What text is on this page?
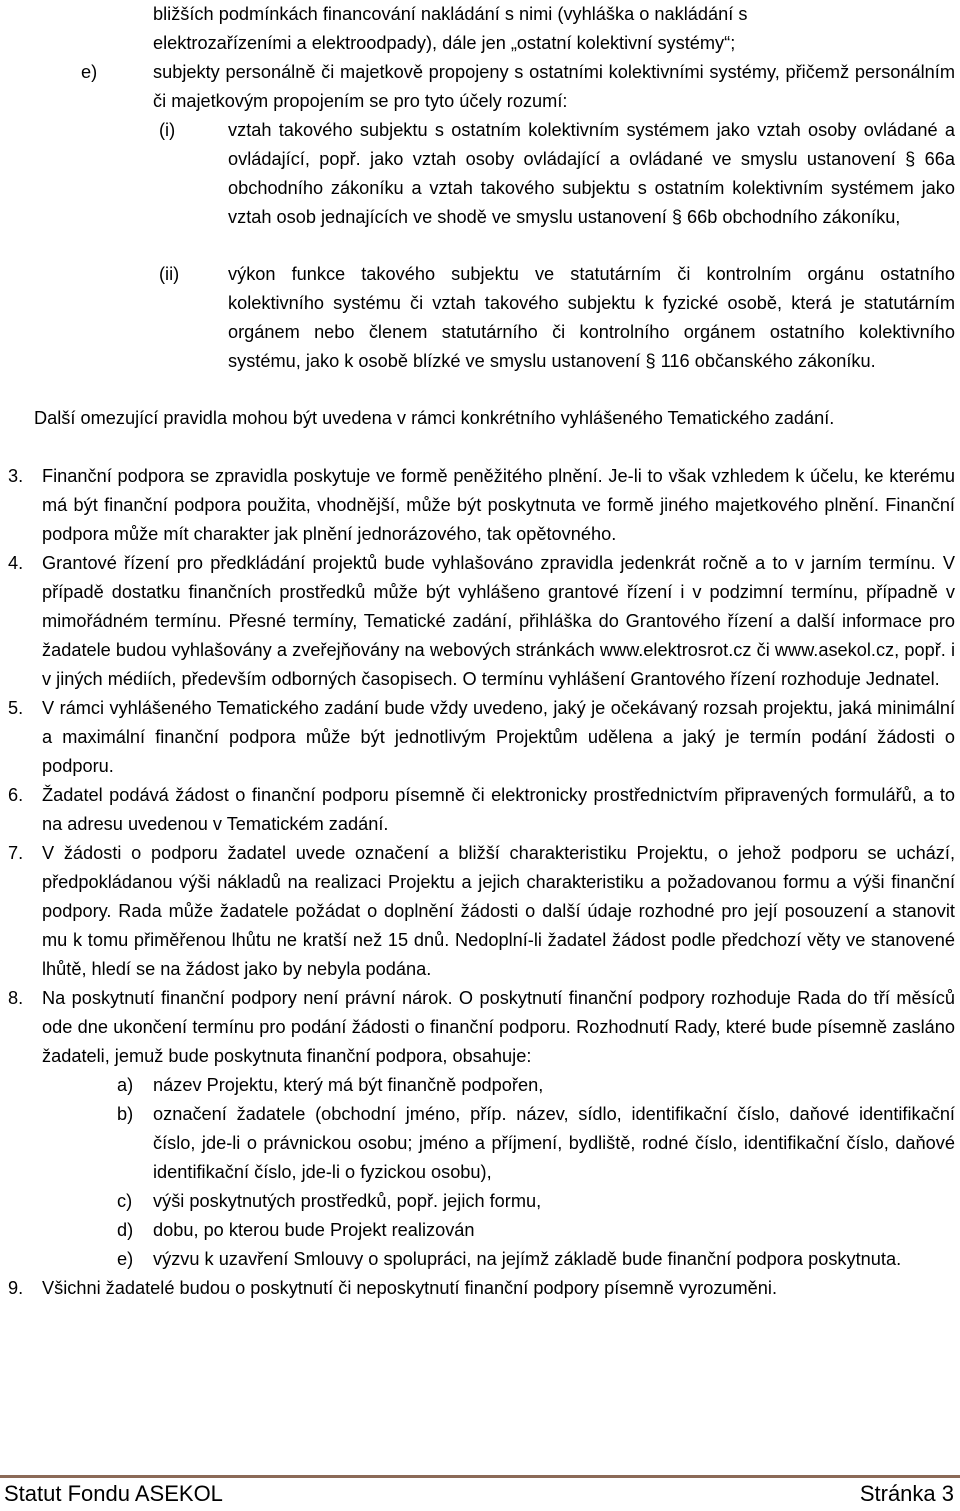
bližších podmínkách financování nakládání s nimi (vyhláška o nakládání s

elektrozařízeními a elektroodpady), dále jen „ostatní kolektivní systémy“;

e)	subjekty personálně či majetkově propojeny s ostatními kolektivními systémy, přičemž personálním či majetkovým propojením se pro tyto účely rozumí:

(i)	vztah takového subjektu s ostatním kolektivním systémem jako vztah osoby ovládané a ovládající, popř. jako vztah osoby ovládající a ovládané ve smyslu ustanovení § 66a obchodního zákoníku a vztah takového subjektu s ostatním kolektivním systémem jako vztah osob jednajících ve shodě ve smyslu ustanovení § 66b obchodního zákoníku,

(ii)	výkon funkce takového subjektu ve statutárním či kontrolním orgánu ostatního kolektivního systému či vztah takového subjektu k fyzické osobě, která je statutárním orgánem nebo členem statutárního či kontrolního orgánem ostatního kolektivního systému, jako k osobě blízké ve smyslu ustanovení § 116 občanského zákoníku.

Další omezující pravidla mohou být uvedena v rámci konkrétního vyhlášeného Tematického zadání.

3. Finanční podpora se zpravidla poskytuje ve formě peněžitého plnění. Je-li to však vzhledem k účelu, ke kterému má být finanční podpora použita, vhodnější, může být poskytnuta ve formě jiného majetkového plnění. Finanční podpora může mít charakter jak plnění jednorázového, tak opětovného.

4. Grantové řízení pro předkládání projektů bude vyhlašováno zpravidla jedenkrát ročně a to v jarním termínu. V případě dostatku finančních prostředků může být vyhlášeno grantové řízení i v podzimní termínu, případně v mimořádném termínu. Přesné termíny, Tematické zadání, přihláška do Grantového řízení a další informace pro žadatele budou vyhlašovány a zveřejňovány na webových stránkách www.elektrosrot.cz či www.asekol.cz, popř. i v jiných médiích, především odborných časopisech. O termínu vyhlášení Grantového řízení rozhoduje Jednatel.

5. V rámci vyhlášeného Tematického zadání bude vždy uvedeno, jaký je očekávaný rozsah projektu, jaká minimální a maximální finanční podpora může být jednotlivým Projektům udělena a jaký je termín podání žádosti o podporu.

6. Žadatel podává žádost o finanční podporu písemně či elektronicky prostřednictvím připravených formulářů, a to na adresu uvedenou v Tematickém zadání.

7. V žádosti o podporu žadatel uvede označení a bližší charakteristiku Projektu, o jehož podporu se uchází, předpokládanou výši nákladů na realizaci Projektu a jejich charakteristiku a požadovanou formu a výši finanční podpory. Rada může žadatele požádat o doplnění žádosti o další údaje rozhodné pro její posouzení a stanovit mu k tomu přiměřenou lhůtu ne kratší než 15 dnů. Nedoplní-li žadatel žádost podle předchozí věty ve stanovené lhůtě, hledí se na žádost jako by nebyla podána.

8. Na poskytnutí finanční podpory není právní nárok. O poskytnutí finanční podpory rozhoduje Rada do tří měsíců ode dne ukončení termínu pro podání žádosti o finanční podporu. Rozhodnutí Rady, které bude písemně zasláno žadateli, jemuž bude poskytnuta finanční podpora, obsahuje:

a) název Projektu, který má být finančně podpořen,

b) označení žadatele (obchodní jméno, příp. název, sídlo, identifikační číslo, daňové identifikační číslo, jde-li o právnickou osobu; jméno a příjmení, bydliště, rodné číslo, identifikační číslo, daňové identifikační číslo, jde-li o fyzickou osobu),

c) výši poskytnutých prostředků, popř. jejich formu,

d) dobu, po kterou bude Projekt realizován

e) výzvu k uzavření Smlouvy o spolupráci, na jejímž základě bude finanční podpora poskytnuta.

9. Všichni žadatelé budou o poskytnutí či neposkytnutí finanční podpory písemně vyrozuměni.

Statut Fondu ASEKOL	Stránka 3
